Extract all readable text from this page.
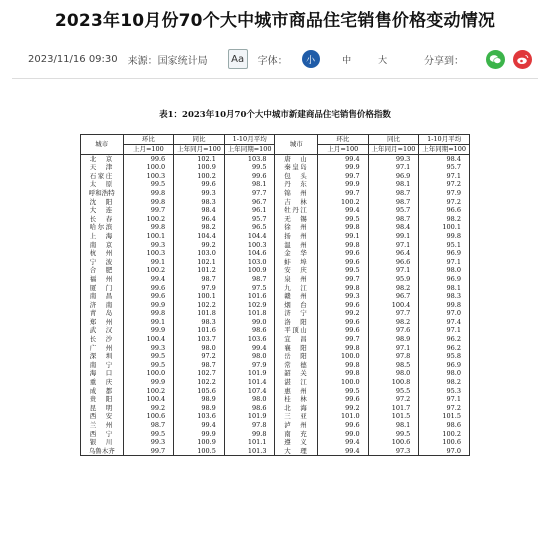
2023年10月份70个大中城市商品住宅销售价格变动情况
2023/11/16 09:30 来源：国家统计局	Aa	字体：	小	中	大	分享到：
表1：2023年10月70个大中城市新建商品住宅销售价格指数
城市	环比	同比	1-10月平均	城市	环比	同比	1-10月平均
	上月=100	上年同月=100	上年同期=100		上月=100	上年同月=100	上年同期=100
北　京	99.6	102.1	103.8	唐　山	99.4	99.3	98.4
天　津	100.0	100.9	99.5	秦皇岛	99.9	97.1	95.7
石家庄	100.3	100.2	99.6	包　头	99.7	96.9	97.1
太　原	99.5	99.6	98.1	丹　东	99.9	98.1	97.2
呼和浩特	99.8	99.3	97.7	锦　州	99.7	98.7	97.9
沈　阳	99.8	98.3	96.7	吉　林	100.2	98.7	97.2
大　连	99.7	98.4	96.1	牡丹江	99.4	95.7	96.6
长　春	100.2	96.4	95.7	无　锡	99.5	98.7	98.2
哈尔滨	99.8	98.2	96.5	徐　州	99.8	98.4	100.1
上　海	100.1	104.4	104.4	扬　州	99.1	99.1	99.8
南　京	99.3	99.2	100.3	温　州	99.8	97.1	95.1
杭　州	100.3	103.0	104.6	金　华	99.6	96.4	96.9
宁　波	99.1	102.1	103.0	蚌　埠	99.6	96.6	97.1
合　肥	100.2	101.2	100.9	安　庆	99.5	97.1	98.0
福　州	99.4	98.7	98.7	泉　州	99.7	95.9	96.9
厦　门	99.6	97.9	97.5	九　江	99.8	98.2	98.1
南　昌	99.6	100.1	101.6	赣　州	99.3	96.7	98.3
济　南	99.9	102.2	102.9	烟　台	99.6	100.4	99.8
青　岛	99.8	101.8	101.8	济　宁	99.2	97.7	97.0
郑　州	99.1	98.3	99.0	洛　阳	99.6	98.2	97.4
武　汉	99.9	101.6	98.6	平顶山	99.6	97.6	97.1
长　沙	100.4	103.7	103.6	宜　昌	99.7	98.9	96.2
广　州	99.3	98.0	99.4	襄　阳	99.8	97.1	96.2
深　圳	99.5	97.2	98.0	岳　阳	100.0	97.8	95.8
南　宁	99.5	98.7	97.9	常　德	99.8	98.5	96.9
海　口	100.0	102.7	101.9	韶　关	99.8	98.0	98.0
重　庆	99.9	102.2	101.4	湛　江	100.0	100.8	98.2
成　都	100.2	105.6	107.4	惠　州	99.5	95.5	95.3
贵　阳	100.4	98.9	98.0	桂　林	99.6	97.2	97.1
昆　明	99.2	98.9	98.6	北　海	99.2	101.7	97.2
西　安	100.6	103.6	101.9	三　亚	101.0	101.5	101.5
兰　州	98.7	99.4	97.8	泸　州	99.6	98.1	98.6
西　宁	99.5	99.9	99.8	南　充	99.0	99.5	100.2
银　川	99.3	100.9	101.1	遵　义	99.4	100.6	100.6
乌鲁木齐	99.7	100.5	101.3	大　理	99.4	97.3	97.0
